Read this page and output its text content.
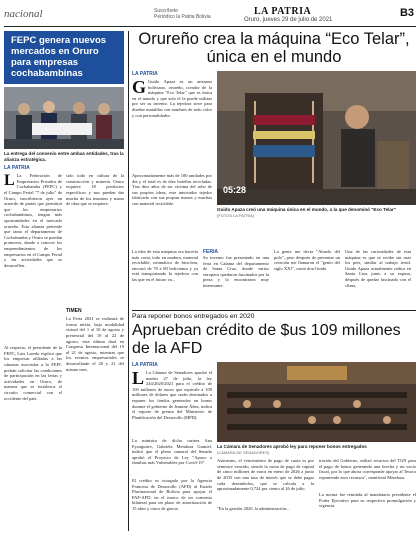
nacional	Suscríbete
Periódico la Patria Bolivia	LA PATRIA
Oruro, jueves 29 de julio de 2021
B3
FEPC genera nuevos mercados en Oruro para empresas cochabambinas
La entrega del convenio entre ambas entidades, tras la alianza estratégica.
LA PATRIA
L La Federación de Empresarios Privados de Cochabamba (FEPC) y el Campo Ferial "7 de julio" de Oruro, suscribieron ayer un acuerdo de partes que permitirá que los empresarios cochabambinos, tengan más oportunidades en el mercado orureño. Esta alianza pretende que tanto el departamento de Cochabamba y Oruro se puedan promover, dando a conocer los emprendimientos de los empresarios en el Campo Ferial y las actividades que se desarrollen.
Al respecto, el presidente de la FEPC, Luis Laredo explicó que los empresas afiliadas a las cámaras asociadas a la FEPC podrán solicitar las condiciones de participación en las ferias y actividades en Oruro, de manera que se fortalezca el circuito comercial con el occidente del país.
solo todo en cultura de la construcción y minería. Oruro requiere 18 productos específicos y nos pueden dar mucha de los insumos y mano de obra que se requiere.
TIMEN
La Feria 2021 se realizará de forma mixta, bajo modalidad virtual del 1 al 10 de agosto y presencial del 19 al 22 de agosto, esta última dará en Congreso Internacional del 19 al 21 de agosto, mientras que los eventos empresariales se desarrollarán el 20 y 21 del mismo mes.
Orureño crea la máquina “Eco Telar”, única en el mundo
LA PATRIA
G Guido Apaza es un artesano boliviano, orureño, creador de la máquina "Eco Telar" que es única en el mundo y que solo el la puede utilizar por ser su invento. La tejedora sirve para diseñar mantillas con nombres de todo color y con personalidades.
Aproximadamente más de 100 unidades por día y el total es de diez botellas recicladas. Tras diez años de ser víctima del robo de sus propios ideas, este innovador tejedor fabricado con sus propias manos y muchas con material reciclable.
05:28
Guido Apaza creó una máquina única en el mundo, a la que denominó "Eco Telar"
(FOTOS LA PATRIA)
La idea de esta máquina era hacerla más corta, todo en madera, material reciclable, neumático de bicicleta, encostó de 70 a 80 bolivianos y ya está transportando la tejedora con las que en el futuro va...
FERIA
Su invento fue presentado en una feria en Calama del departamento de Santa Cruz, donde varios europeos quedaron fascinados por la pieza y lo encontraron muy interesante.
La gente me decía "Abuelo del polo", pero después de presentar un creación me llamaron el "genio del siglo XXI", contó don Guido.
Una de las curiosidades de esta máquina es que se recibe sin usar los pies, similar al trabajo textil. Guido Apaza actualmente radica en Santa Cruz junto a su esposa, después de quedar fascinado con el clima.
Para reponer bonos entregados en 2020
Aprueban crédito de $us 109 millones de la AFD
LA PATRIA
L La Cámara de Senadores aprobó el martes 27 de julio, la ley 244/2020/2021 para el crédito de 100 millones de euros que equivale a 109 millones de dólares que serán destinados a reponer los fondos generados en bonos durante el gobierno de Jeanine Áñez, indica el reporte de prensa del Ministerio de Planificación del Desarrollo (MPD).
La ministra de dicha cartera Ana Eyzaguirre, Gabriela Mendoza Gumiel, indicó que el pleno camaral del Senado aprobó el Proyecto de Ley "Apoyo a familias más Vulnerables por Covid-19".
El crédito es otorgado por la Agencia Francesa de Desarrollo (AFD) al Estado Plurinacional de Bolivia para apoyar el PAF-AFD, en el marco de un convenio bilateral para un plazo de amortización de 15 años y cinco de gracia.
La Cámara de Senadores aprobó ley para reponer bonos entregados
(CÁMARA DE SENADORES)
Asimismo, el vencimiento de pago de cuota es por semestre vencido, siendo la cuota de pago de capital de cinco millones de euros en enero de 2026 a junio de 2035 con una tasa de interés que se debe pagar cada desembolso, que se calcula a la aproximadamente 0,724 por ciento al 26 de julio.
"En la gestión 2020, la administración...
tración del Gobierno, utilizó recursos del TGN para el pago de bonos generando una brecha y un vacío fiscal, por lo que ahora corresponde apoyar al Tesoro reponiendo esos recursos", manifestó Mendoza.
La norma fue remitida al mandatario presidente el Poder Ejecutivo para su respectiva promulgación y vigencia.
